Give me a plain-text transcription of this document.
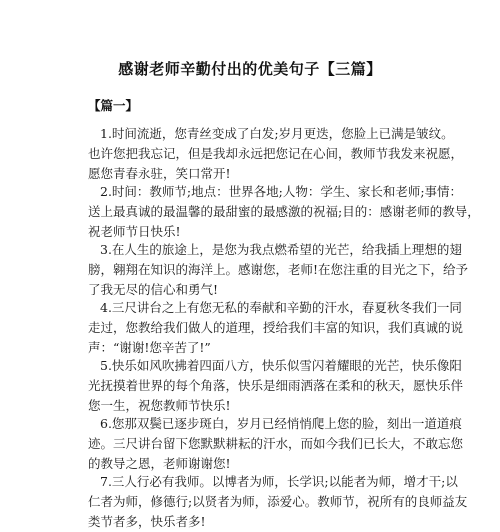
感谢老师辛勤付出的优美句子【三篇】
【篇一】
1.时间流逝，您青丝变成了白发;岁月更迭，您脸上已满是皱纹。
也许您把我忘记，但是我却永远把您记在心间，教师节我发来祝愿，
愿您青春永驻，笑口常开!
2.时间：教师节;地点：世界各地;人物：学生、家长和老师;事情：
送上最真诚的最温馨的最甜蜜的最感激的祝福;目的：感谢老师的教导，
祝老师节日快乐!
3.在人生的旅途上，是您为我点燃希望的光芒，给我插上理想的翅
膀，翱翔在知识的海洋上。感谢您，老师!在您注重的目光之下，给予
了我无尽的信心和勇气!
4.三尺讲台之上有您无私的奉献和辛勤的汗水，春夏秋冬我们一同
走过，您教给我们做人的道理，授给我们丰富的知识，我们真诚的说
声：“谢谢!您辛苦了!”
5.快乐如风吹拂着四面八方，快乐似雪闪着耀眼的光芒，快乐像阳
光抚摸着世界的每个角落，快乐是细雨洒落在柔和的秋天，愿快乐伴
您一生，祝您教师节快乐!
6.您那双鬓已逐步斑白，岁月已经悄悄爬上您的脸，刻出一道道痕
迹。三尺讲台留下您默默耕耘的汗水，而如今我们已长大，不敢忘您
的教导之恩，老师谢谢您!
7.三人行必有我师。以博者为师，长学识;以能者为师，增才干;以
仁者为师，修德行;以贤者为师，添爱心。教师节，祝所有的良师益友
类节者多，快乐者多!
